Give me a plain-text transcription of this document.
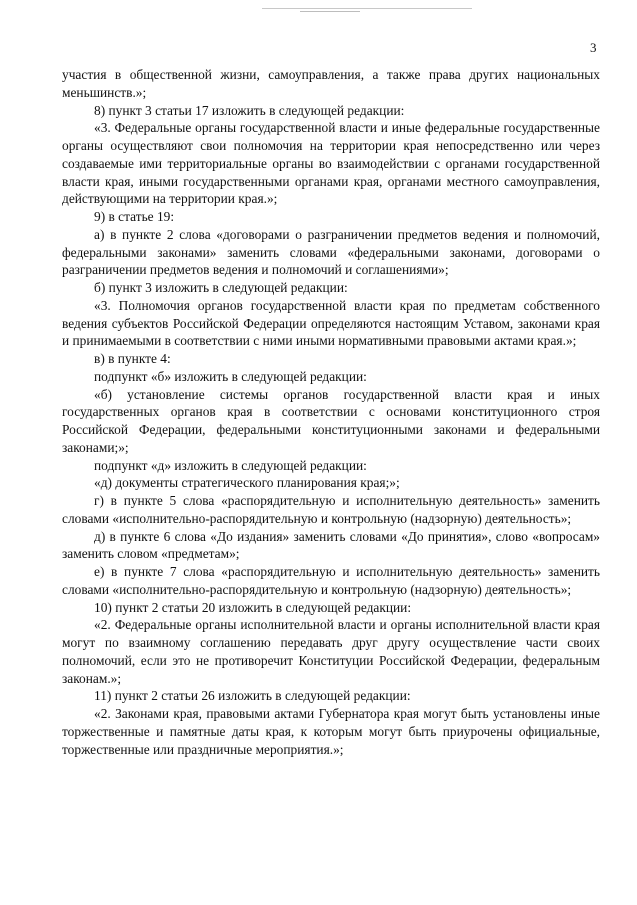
3

участия в общественной жизни, самоуправления, а также права других национальных меньшинств.»;

8) пункт 3 статьи 17 изложить в следующей редакции:

«3. Федеральные органы государственной власти и иные федеральные государственные органы осуществляют свои полномочия на территории края непосредственно или через создаваемые ими территориальные органы во взаимодействии с органами государственной власти края, иными государственными органами края, органами местного самоуправления, действующими на территории края.»;

9) в статье 19:

а) в пункте 2 слова «договорами о разграничении предметов ведения и полномочий, федеральными законами» заменить словами «федеральными законами, договорами о разграничении предметов ведения и полномочий и соглашениями»;

б) пункт 3 изложить в следующей редакции:

«3. Полномочия органов государственной власти края по предметам собственного ведения субъектов Российской Федерации определяются настоящим Уставом, законами края и принимаемыми в соответствии с ними иными нормативными правовыми актами края.»;

в) в пункте 4:

подпункт «б» изложить в следующей редакции:

«б) установление системы органов государственной власти края и иных государственных органов края в соответствии с основами конституционного строя Российской Федерации, федеральными конституционными законами и федеральными законами;»;

подпункт «д» изложить в следующей редакции:

«д) документы стратегического планирования края;»;

г) в пункте 5 слова «распорядительную и исполнительную деятельность» заменить словами «исполнительно-распорядительную и контрольную (надзорную) деятельность»;

д) в пункте 6 слова «До издания» заменить словами «До принятия», слово «вопросам» заменить словом «предметам»;

е) в пункте 7 слова «распорядительную и исполнительную деятельность» заменить словами «исполнительно-распорядительную и контрольную (надзорную) деятельность»;

10) пункт 2 статьи 20 изложить в следующей редакции:

«2. Федеральные органы исполнительной власти и органы исполнительной власти края могут по взаимному соглашению передавать друг другу осуществление части своих полномочий, если это не противоречит Конституции Российской Федерации, федеральным законам.»;

11) пункт 2 статьи 26 изложить в следующей редакции:

«2. Законами края, правовыми актами Губернатора края могут быть установлены иные торжественные и памятные даты края, к которым могут быть приурочены официальные, торжественные или праздничные мероприятия.»;
